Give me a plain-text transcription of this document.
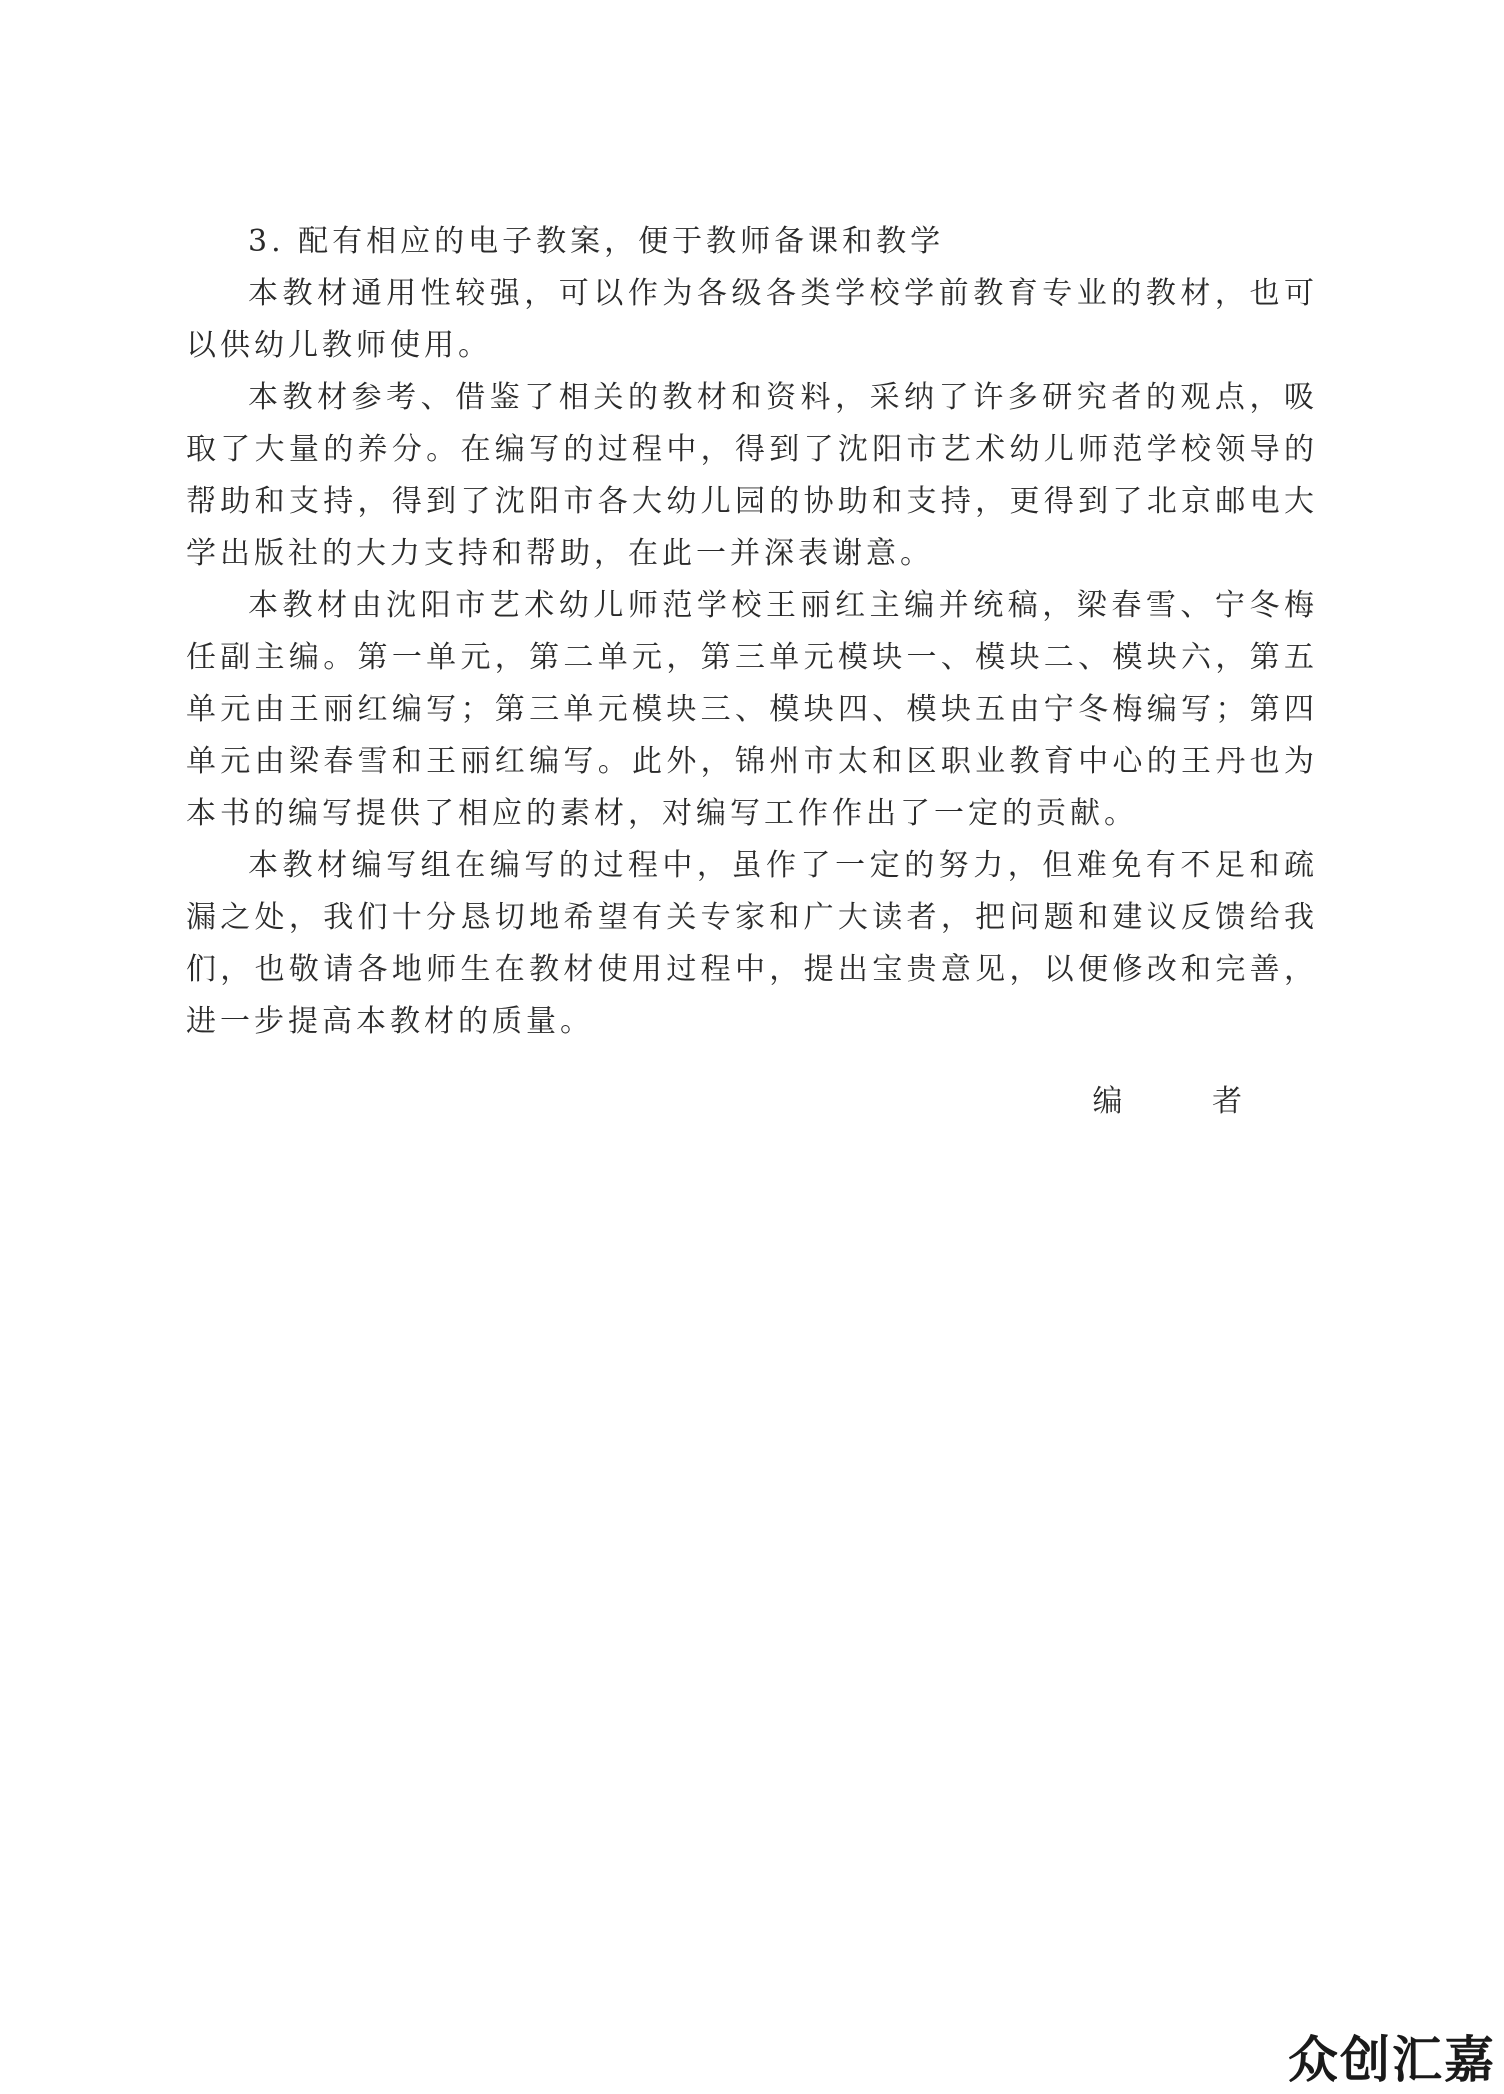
3. 配有相应的电子教案，便于教师备课和教学

本教材通用性较强，可以作为各级各类学校学前教育专业的教材，也可以供幼儿教师使用。

本教材参考、借鉴了相关的教材和资料，采纳了许多研究者的观点，吸取了大量的养分。在编写的过程中，得到了沈阳市艺术幼儿师范学校领导的帮助和支持，得到了沈阳市各大幼儿园的协助和支持，更得到了北京邮电大学出版社的大力支持和帮助，在此一并深表谢意。

本教材由沈阳市艺术幼儿师范学校王丽红主编并统稿，梁春雪、宁冬梅任副主编。第一单元，第二单元，第三单元模块一、模块二、模块六，第五单元由王丽红编写；第三单元模块三、模块四、模块五由宁冬梅编写；第四单元由梁春雪和王丽红编写。此外，锦州市太和区职业教育中心的王丹也为本书的编写提供了相应的素材，对编写工作作出了一定的贡献。

本教材编写组在编写的过程中，虽作了一定的努力，但难免有不足和疏漏之处，我们十分恳切地希望有关专家和广大读者，把问题和建议反馈给我们，也敬请各地师生在教材使用过程中，提出宝贵意见，以便修改和完善，进一步提高本教材的质量。

编 者
众创汇嘉
